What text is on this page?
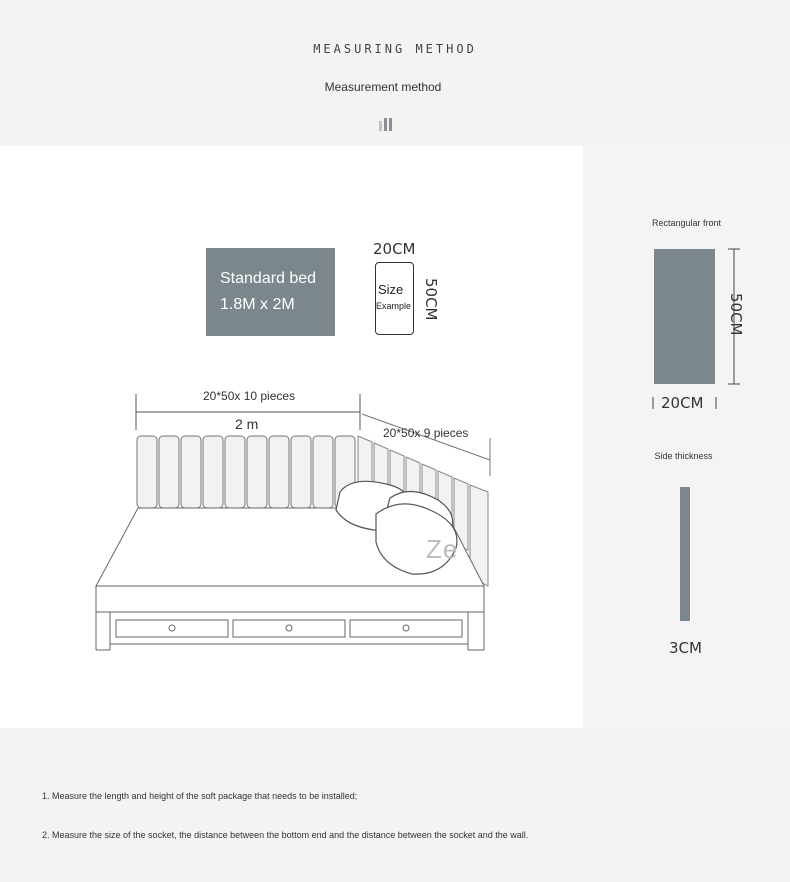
MEASURING METHOD
Measurement method
Standard bed
1.8M x 2M
20CM
Size
Example 50CM
20*50x 10 pieces
2 m
20*50x 9 pieces
Ze
Rectangular front
50CM
20CM
Side thickness
3CM
1. Measure the length and height of the soft package that needs to be installed;
2. Measure the size of the socket, the distance between the bottom end and the distance between the socket and the wall.
